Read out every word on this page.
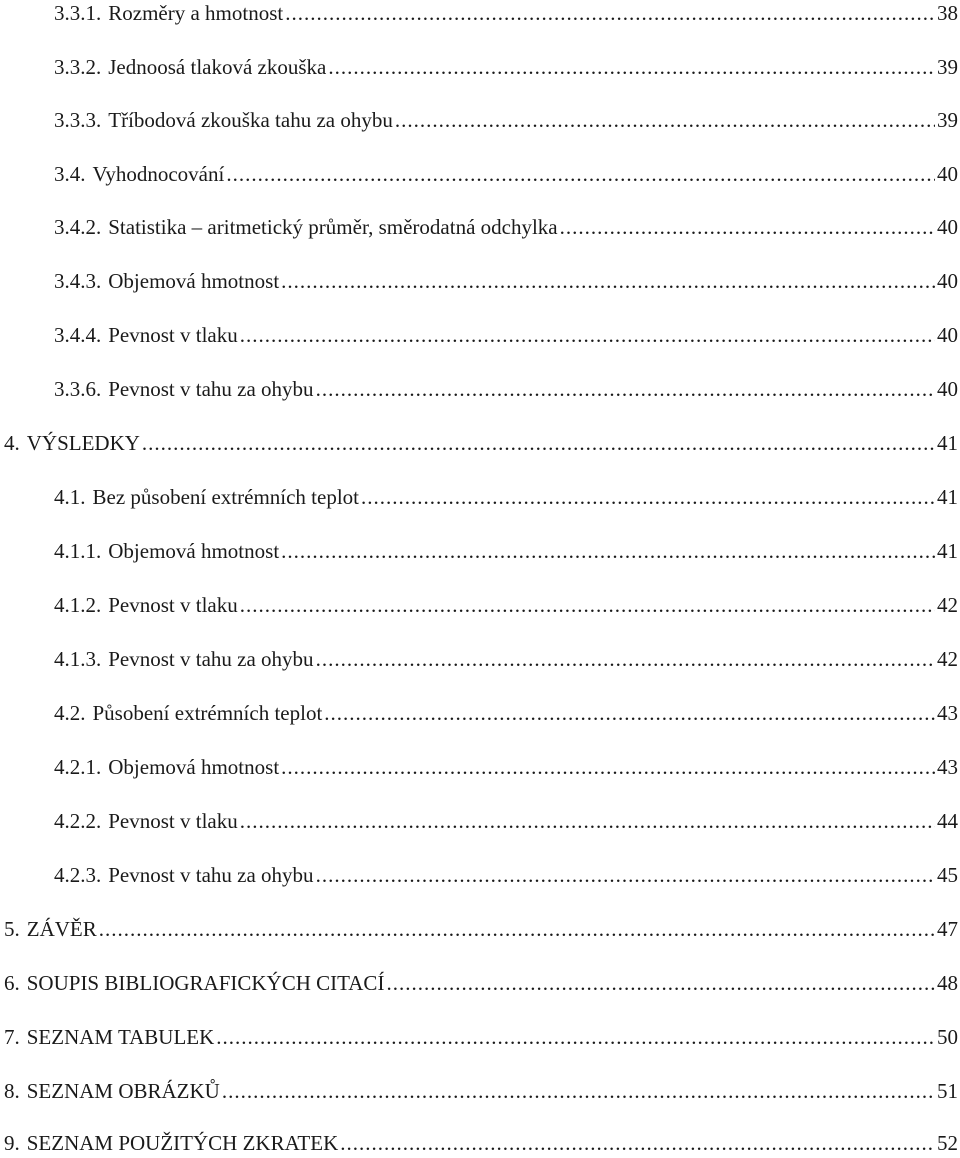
3.3.1. Rozměry a hmotnost .....	38
3.3.2. Jednoosá tlaková zkouška .....	39
3.3.3. Tříbodová zkouška tahu za ohybu .....	39
3.4. Vyhodnocování .....	40
3.4.2. Statistika – aritmetický průměr, směrodatná odchylka .....	40
3.4.3. Objemová hmotnost .....	40
3.4.4. Pevnost v tlaku .....	40
3.3.6. Pevnost v tahu za ohybu .....	40
4. VÝSLEDKY .....	41
4.1. Bez působení extrémních teplot .....	41
4.1.1. Objemová hmotnost .....	41
4.1.2. Pevnost v tlaku .....	42
4.1.3. Pevnost v tahu za ohybu .....	42
4.2. Působení extrémních teplot .....	43
4.2.1. Objemová hmotnost .....	43
4.2.2. Pevnost v tlaku .....	44
4.2.3. Pevnost v tahu za ohybu .....	45
5. ZÁVĚR .....	47
6. SOUPIS BIBLIOGRAFICKÝCH CITACÍ .....	48
7. SEZNAM TABULEK .....	50
8. SEZNAM OBRÁZKŮ .....	51
9. SEZNAM POUŽITÝCH ZKRATEK .....	52
